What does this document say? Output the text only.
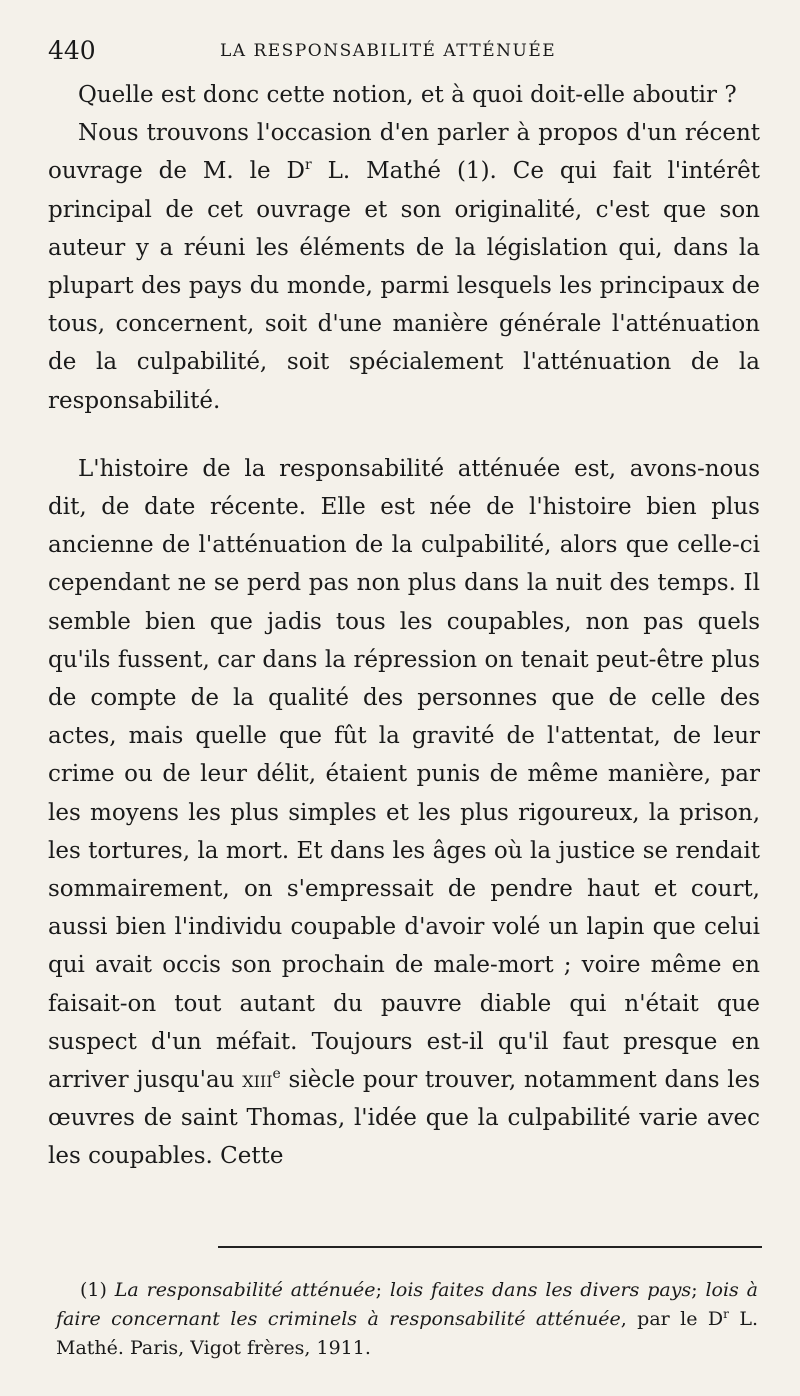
440	LA RESPONSABILITÉ ATTÉNUÉE

Quelle est donc cette notion, et à quoi doit-elle aboutir ?

Nous trouvons l'occasion d'en parler à propos d'un récent ouvrage de M. le $D^r$ L. Mathé (1). Ce qui fait l'intérêt principal de cet ouvrage et son originalité, c'est que son auteur y a réuni les éléments de la législation qui, dans la plupart des pays du monde, parmi lesquels les principaux de tous, concernent, soit d'une manière générale l'atténuation de la culpabilité, soit spécialement l'atténuation de la responsabilité.

L'histoire de la responsabilité atténuée est, avons-nous dit, de date récente. Elle est née de l'histoire bien plus ancienne de l'atténuation de la culpabilité, alors que celle-ci cependant ne se perd pas non plus dans la nuit des temps. Il semble bien que jadis tous les coupables, non pas quels qu'ils fussent, car dans la répression on tenait peut-être plus de compte de la qualité des personnes que de celle des actes, mais quelle que fût la gravité de l'attentat, de leur crime ou de leur délit, étaient punis de même manière, par les moyens les plus simples et les plus rigoureux, la prison, les tortures, la mort. Et dans les âges où la justice se rendait sommairement, on s'empressait de pendre haut et court, aussi bien l'individu coupable d'avoir volé un lapin que celui qui avait occis son prochain de male-mort ; voire même en faisait-on tout autant du pauvre diable qui n'était que suspect d'un méfait. Toujours est-il qu'il faut presque en arriver jusqu'au xiii$^e$ siècle pour trouver, notamment dans les œuvres de saint Thomas, l'idée que la culpabilité varie avec les coupables. Cette

(1) La responsabilité atténuée; lois faites dans les divers pays; lois à faire concernant les criminels à responsabilité atténuée, par le $D^r$ L. Mathé. Paris, Vigot frères, 1911.
